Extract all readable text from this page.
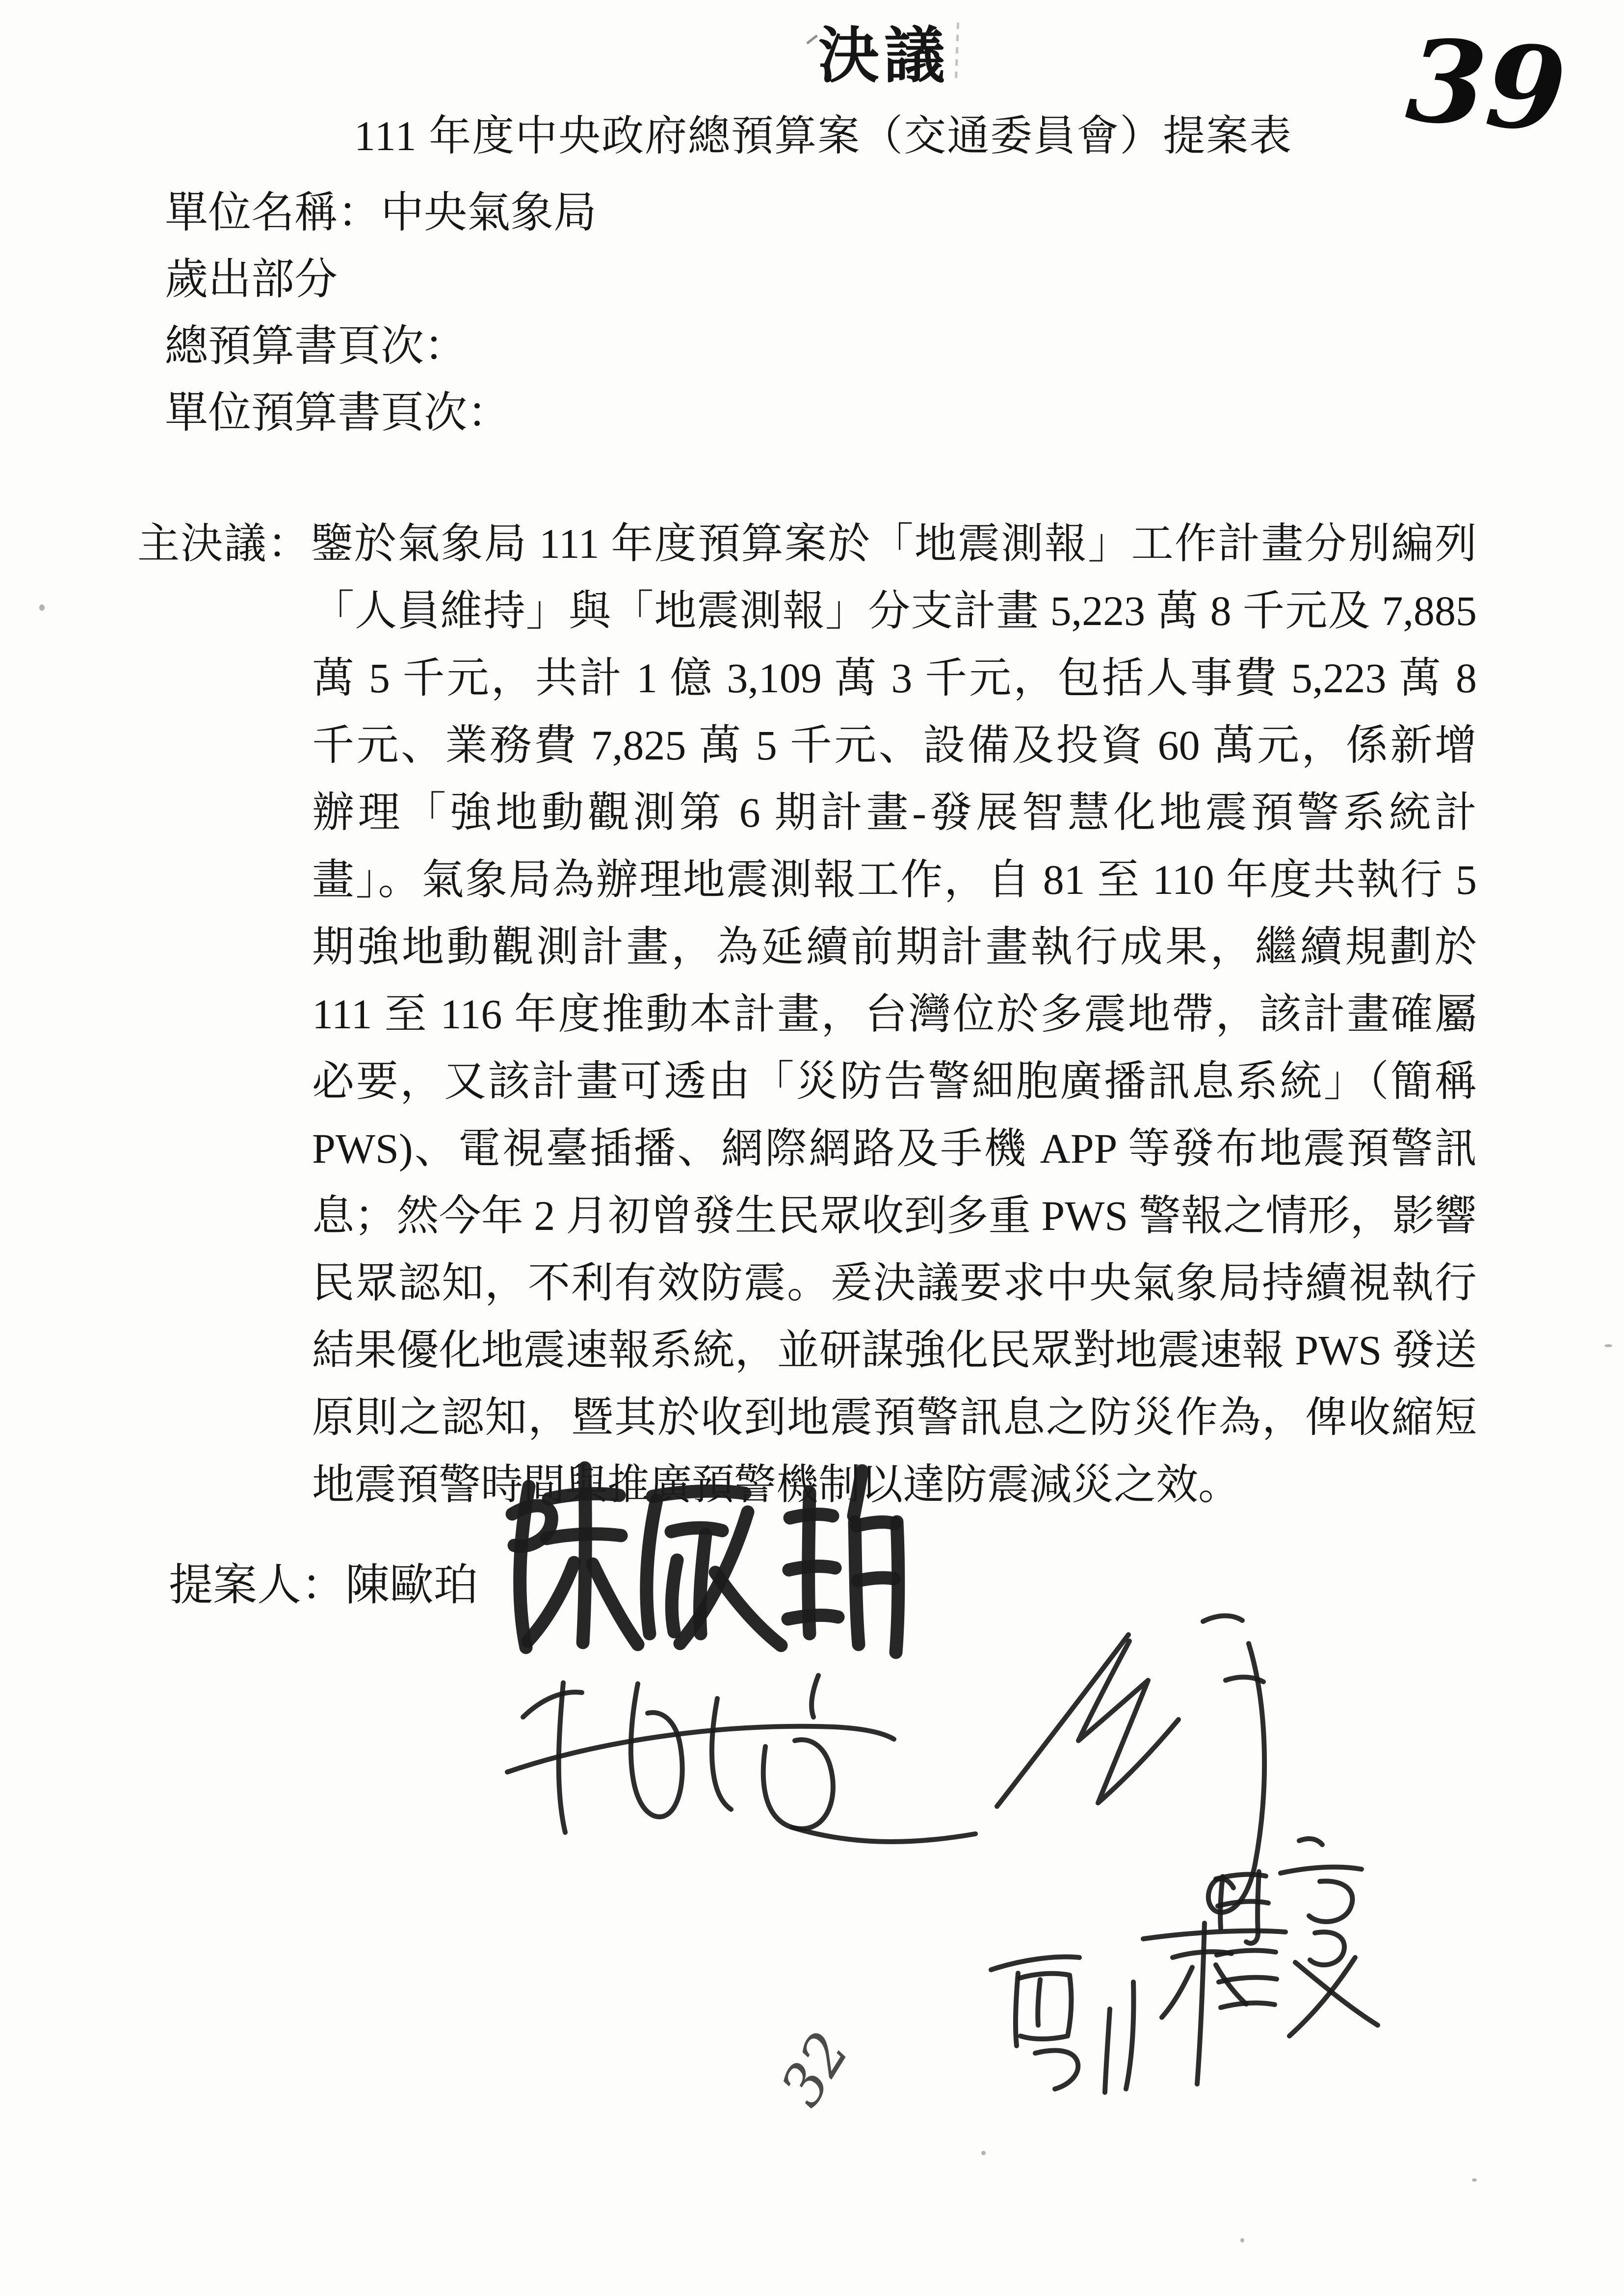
決議	39
111 年度中央政府總預算案（交通委員會）提案表
單位名稱：中央氣象局
歲出部分
總預算書頁次：
單位預算書頁次：
主決議：鑒於氣象局 111 年度預算案於「地震測報」工作計畫分別編列
「人員維持」與「地震測報」分支計畫 5,223 萬 8 千元及 7,885
萬 5 千元，共計 1 億 3,109 萬 3 千元，包括人事費 5,223 萬 8
千元、業務費 7,825 萬 5 千元、設備及投資 60 萬元，係新增
辦理「強地動觀測第 6 期計畫-發展智慧化地震預警系統計
畫」。氣象局為辦理地震測報工作，自 81 至 110 年度共執行 5
期強地動觀測計畫，為延續前期計畫執行成果，繼續規劃於
111 至 116 年度推動本計畫，台灣位於多震地帶，該計畫確屬
必要，又該計畫可透由「災防告警細胞廣播訊息系統」（簡稱
PWS)、電視臺插播、網際網路及手機 APP 等發布地震預警訊
息；然今年 2 月初曾發生民眾收到多重 PWS 警報之情形，影響
民眾認知，不利有效防震。爰決議要求中央氣象局持續視執行
結果優化地震速報系統，並研謀強化民眾對地震速報 PWS 發送
原則之認知，暨其於收到地震預警訊息之防災作為，俾收縮短
地震預警時間與推廣預警機制以達防震減災之效。
提案人：陳歐珀
32
